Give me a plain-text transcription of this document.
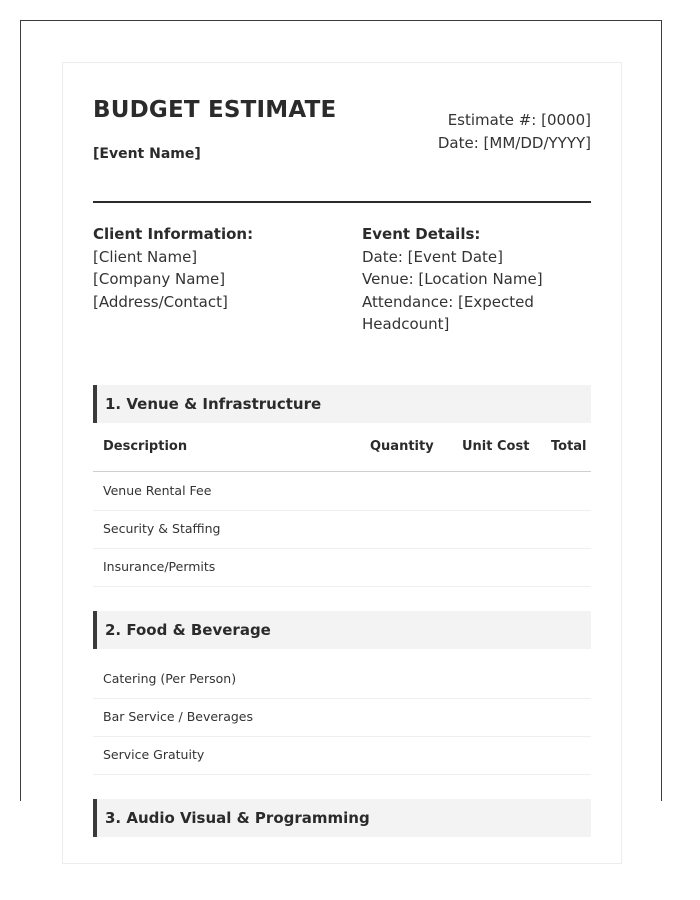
BUDGET ESTIMATE
[Event Name]
Estimate #: [0000]
Date: [MM/DD/YYYY]
Client Information:
[Client Name]
[Company Name]
[Address/Contact]
Event Details:
Date: [Event Date]
Venue: [Location Name]
Attendance: [Expected
Headcount]
1. Venue & Infrastructure
Description	Quantity Unit Cost Total
Venue Rental Fee
Security & Staffing
Insurance/Permits
2. Food & Beverage
Catering (Per Person)
Bar Service / Beverages
Service Gratuity
3. Audio Visual & Programming
